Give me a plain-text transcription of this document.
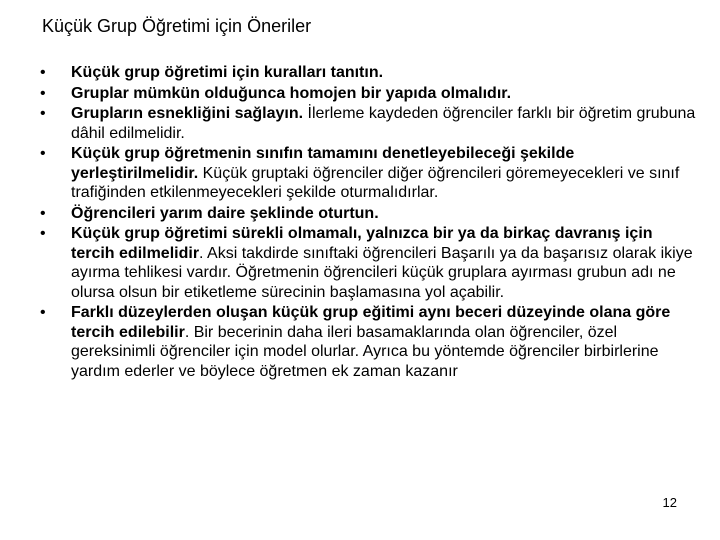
Küçük Grup Öğretimi için Öneriler
•	Küçük grup öğretimi için kuralları tanıtın.
•	Gruplar mümkün olduğunca homojen bir yapıda olmalıdır.
•	Grupların esnekliğini sağlayın. İlerleme kaydeden öğrenciler farklı bir öğretim grubuna dâhil edilmelidir.
•	Küçük grup öğretmenin sınıfın tamamını denetleyebileceği şekilde yerleştirilmelidir. Küçük gruptaki öğrenciler diğer öğrencileri göremeyecekleri ve sınıf trafiğinden etkilenmeyecekleri şekilde oturmalıdırlar.
•	Öğrencileri yarım daire şeklinde oturtun.
•	Küçük grup öğretimi sürekli olmamalı, yalnızca bir ya da birkaç davranış için tercih edilmelidir. Aksi takdirde sınıftaki öğrencileri Başarılı ya da başarısız olarak ikiye ayırma tehlikesi vardır. Öğretmenin öğrencileri küçük gruplara ayırması grubun adı ne olursa olsun bir etiketleme sürecinin başlamasına yol açabilir.
•	Farklı düzeylerden oluşan küçük grup eğitimi aynı beceri düzeyinde olana göre tercih edilebilir. Bir becerinin daha ileri basamaklarında olan öğrenciler, özel gereksinimli öğrenciler için model olurlar. Ayrıca bu yöntemde öğrenciler birbirlerine yardım ederler ve böylece öğretmen ek zaman kazanır
12
